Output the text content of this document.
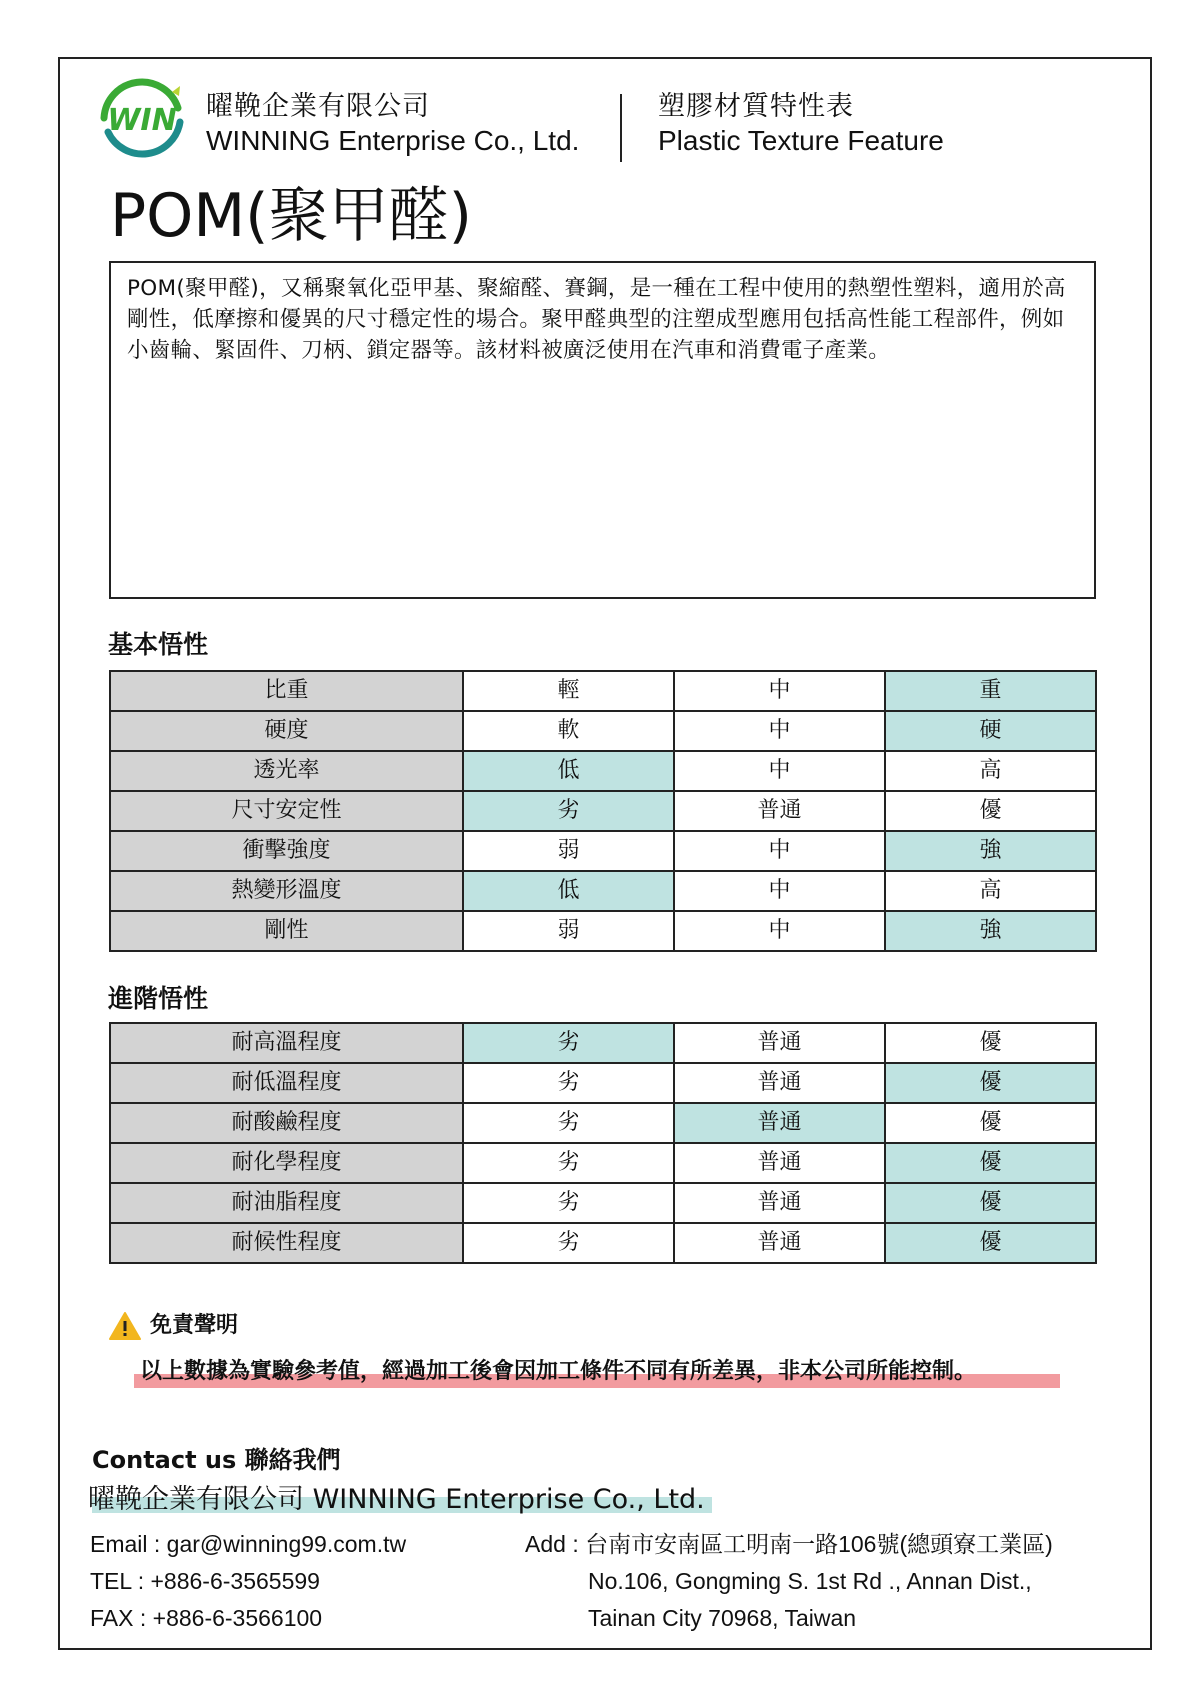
WIN 曜鞔企業有限公司
WINNING Enterprise Co., Ltd.
塑膠材質特性表
Plastic Texture Feature
POM(聚甲醛)

POM(聚甲醛)，又稱聚氧化亞甲基、聚縮醛、賽鋼，是一種在工程中使用的熱塑性塑料，適用於高剛性，低摩擦和優異的尺寸穩定性的場合。聚甲醛典型的注塑成型應用包括高性能工程部件，例如小齒輪、緊固件、刀柄、鎖定器等。該材料被廣泛使用在汽車和消費電子產業。

基本悟性
比重	輕	中	重
硬度	軟	中	硬
透光率	低	中	高
尺寸安定性	劣	普通	優
衝擊強度	弱	中	強
熱變形溫度	低	中	高
剛性	弱	中	強
進階悟性
耐高溫程度	劣	普通	優
耐低溫程度	劣	普通	優
耐酸鹼程度	劣	普通	優
耐化學程度	劣	普通	優
耐油脂程度	劣	普通	優
耐候性程度	劣	普通	優
免責聲明
以上數據為實驗參考值，經過加工後會因加工條件不同有所差異，非本公司所能控制。
Contact us 聯絡我們
曜鞔企業有限公司 WINNING Enterprise Co., Ltd.
Email : gar@winning99.com.tw
TEL : +886-6-3565599
FAX : +886-6-3566100
Add : 台南市安南區工明南一路106號(總頭寮工業區)
No.106, Gongming S. 1st Rd ., Annan Dist.,
Tainan City 70968, Taiwan
